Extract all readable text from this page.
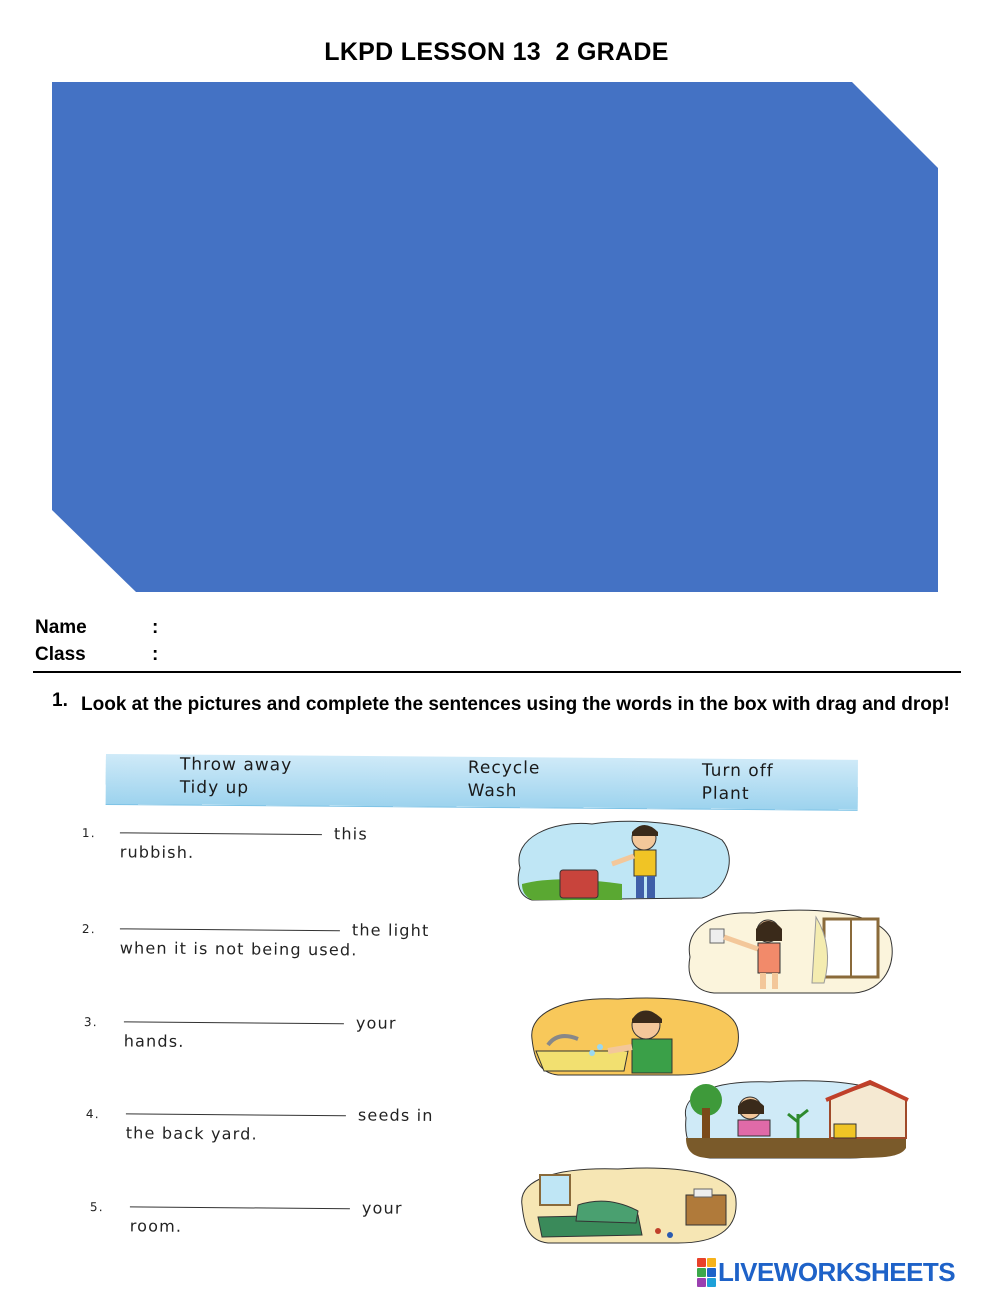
LKPD LESSON 13  2 GRADE
Name	:
Class	:
1. Look at the pictures and complete the sentences using the words in the box with drag and drop!
Throw away	Recycle	Turn off
Tidy up	Wash	Plant
1.	this
rubbish.
2.	the light
when it is not being used.
3.	your
hands.
4.	seeds in
the back yard.
5.	your
room.
LIVEWORKSHEETS
